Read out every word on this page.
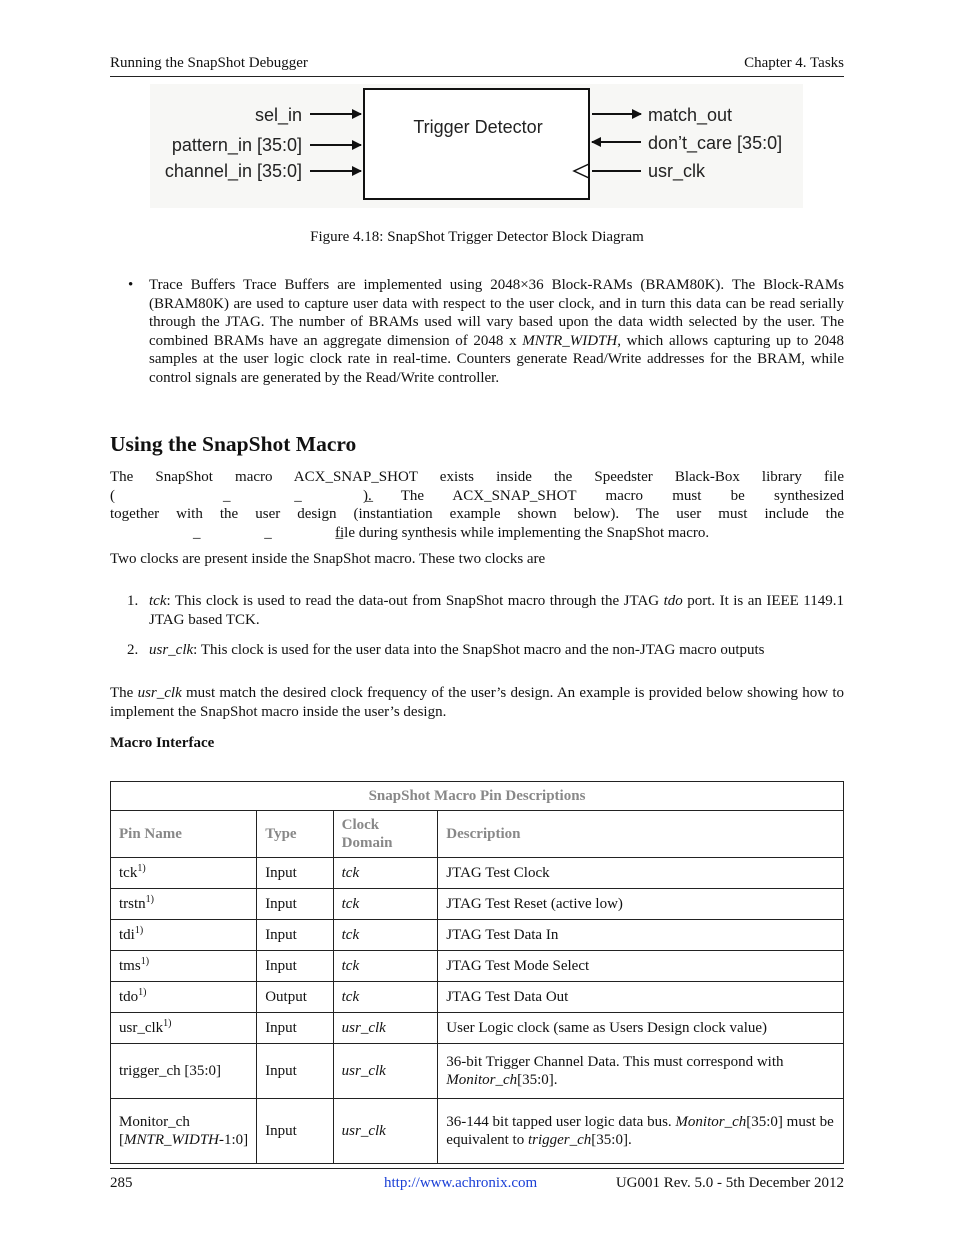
Running the SnapShot Debugger	Chapter 4. Tasks
Trigger Detector
sel_in
pattern_in [35:0]
channel_in [35:0]
match_out
don’t_care [35:0]
usr_clk
Figure 4.18: SnapShot Trigger Detector Block Diagram
• Trace Buffers Trace Buffers are implemented using 2048×36 Block-RAMs (BRAM80K). The Block-RAMs (BRAM80K) are used to capture user data with respect to the user clock, and in turn this data can be read serially through the JTAG. The number of BRAMs used will vary based upon the data width selected by the user. The combined BRAMs have an aggregate dimension of 2048 x MNTR_WIDTH, which allows capturing up to 2048 samples at the user logic clock rate in real-time. Counters generate Read/Write addresses for the BRAM, while control signals are generated by the Read/Write controller.
Using the SnapShot Macro
The SnapShot macro ACX_SNAP_SHOT exists inside the Speedster Black-Box library file
(	_ _ _
). The ACX_SNAP_SHOT macro must be synthesized
together with the user design (instantiation example shown below). The user must include the
_ _ _
file during synthesis while implementing the SnapShot macro.

Two clocks are present inside the SnapShot macro. These two clocks are

1. tck: This clock is used to read the data-out from SnapShot macro through the JTAG tdo port. It is an IEEE 1149.1 JTAG based TCK.
2. usr_clk: This clock is used for the user data into the SnapShot macro and the non-JTAG macro outputs

The usr_clk must match the desired clock frequency of the user’s design. An example is provided below showing how to implement the SnapShot macro inside the user’s design.

Macro Interface
SnapShot Macro Pin Descriptions			
Pin Name	Type	Clock Domain	Description
tck$^{1)}$	Input	tck	JTAG Test Clock
trstn$^{1)}$	Input	tck	JTAG Test Reset (active low)
tdi$^{1)}$	Input	tck	JTAG Test Data In
tms$^{1)}$	Input	tck	JTAG Test Mode Select
tdo$^{1)}$	Output	tck	JTAG Test Data Out
usr_clk$^{1)}$	Input	usr_clk	User Logic clock (same as Users Design clock value)
trigger_ch [35:0]	Input	usr_clk	36-bit Trigger Channel Data. This must correspond with Monitor_ch[35:0].
Monitor_ch [MNTR_WIDTH-1:0]	Input	usr_clk	36-144 bit tapped user logic data bus. Monitor_ch[35:0] must be equivalent to trigger_ch[35:0].
285	http://www.achronix.com	UG001 Rev. 5.0 - 5th December 2012
